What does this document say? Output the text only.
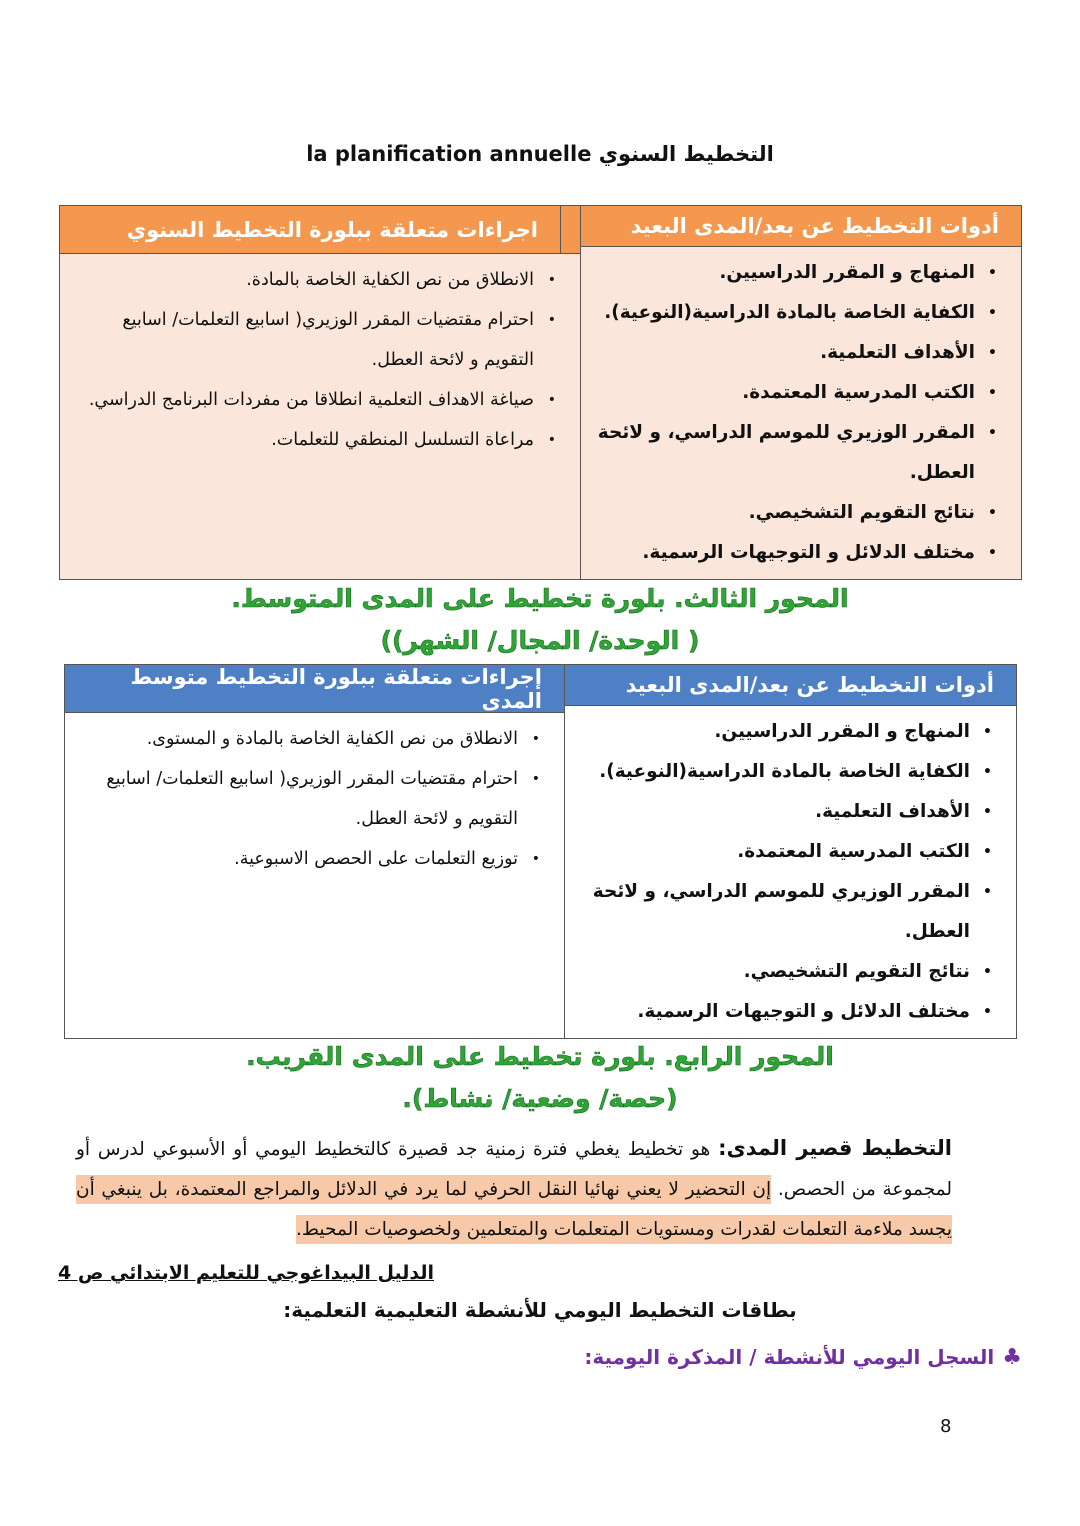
التخطيط السنوي la planification annuelle
أدوات التخطيط عن بعد/المدى البعيد
• المنهاج و المقرر الدراسيين.
• الكفاية الخاصة بالمادة الدراسية(النوعية).
• الأهداف التعلمية.
• الكتب المدرسية المعتمدة.
• المقرر الوزيري للموسم الدراسي، و لائحة العطل.
• نتائج التقويم التشخيصي.
• مختلف الدلائل و التوجيهات الرسمية.
اجراءات متعلقة ببلورة التخطيط السنوي
• الانطلاق من نص الكفاية الخاصة بالمادة.
• احترام مقتضيات المقرر الوزيري( اسابيع التعلمات/ اسابيع التقويم و لائحة العطل.
• صياغة الاهداف التعلمية انطلاقا من مفردات البرنامج الدراسي.
• مراعاة التسلسل المنطقي للتعلمات.
المحور الثالث. بلورة تخطيط على المدى المتوسط.
( الوحدة/ المجال/ الشهر))
أدوات التخطيط عن بعد/المدى البعيد
• المنهاج و المقرر الدراسيين.
• الكفاية الخاصة بالمادة الدراسية(النوعية).
• الأهداف التعلمية.
• الكتب المدرسية المعتمدة.
• المقرر الوزيري للموسم الدراسي، و لائحة العطل.
• نتائج التقويم التشخيصي.
• مختلف الدلائل و التوجيهات الرسمية.
إجراءات متعلقة ببلورة التخطيط متوسط المدى
• الانطلاق من نص الكفاية الخاصة بالمادة و المستوى.
• احترام مقتضيات المقرر الوزيري( اسابيع التعلمات/ اسابيع التقويم و لائحة العطل.
• توزيع التعلمات على الحصص الاسبوعية.
المحور الرابع. بلورة تخطيط على المدى القريب.
(حصة/ وضعية/ نشاط).
التخطيط قصير المدى: هو تخطيط يغطي فترة زمنية جد قصيرة كالتخطيط اليومي أو الأسبوعي لدرس أو لمجموعة من الحصص. إن التحضير لا يعني نهائيا النقل الحرفي لما يرد في الدلائل والمراجع المعتمدة، بل ينبغي أن يجسد ملاءمة التعلمات لقدرات ومستويات المتعلمات والمتعلمين ولخصوصيات المحيط.
الدليل البيداغوجي للتعليم الابتدائي ص 4
بطاقات التخطيط اليومي للأنشطة التعليمية التعلمية:
♣السجل اليومي للأنشطة / المذكرة اليومية:
8
